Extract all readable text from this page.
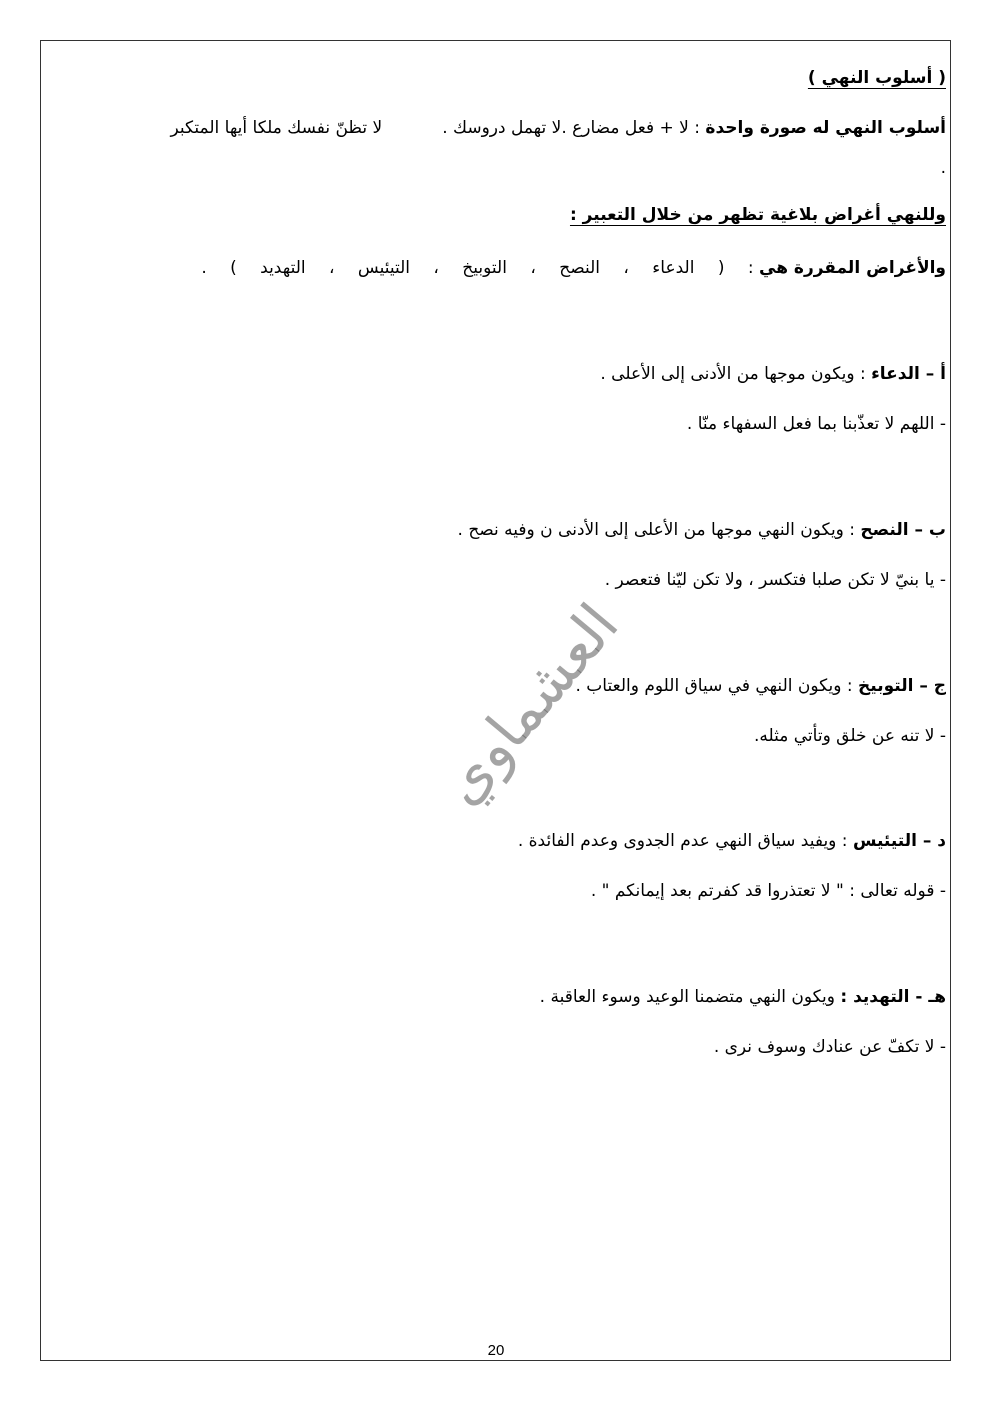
( أسلوب النهي )
أسلوب النهي له صورة واحدة : لا + فعل مضارع .لا تهمل دروسك .لا تظنّ نفسك ملكا أيها المتكبر
.
وللنهي أغراض بلاغية تظهر من خلال التعبير :
والأغراض المقررة هي : ( الدعاء ، النصح ، التوبيخ ، التيئيس ، التهديد ) .
أ – الدعاء : ويكون موجها من الأدنى إلى الأعلى .
- اللهم لا تعذّبنا بما فعل السفهاء منّا .
ب – النصح : ويكون النهي موجها من الأعلى إلى الأدنى ن وفيه نصح .
- يا بنيّ لا تكن صلبا فتكسر ، ولا تكن ليّنا فتعصر .
ج – التوبيخ : ويكون النهي في سياق اللوم والعتاب .
- لا تنه عن خلق وتأتي مثله.
د – التيئيس : ويفيد سياق النهي عدم الجدوى وعدم الفائدة .
- قوله تعالى : " لا تعتذروا قد كفرتم بعد إيمانكم " .
هـ - التهديد : ويكون النهي متضمنا الوعيد وسوء العاقبة .
- لا تكفّ عن عنادك وسوف نرى .
العشماوي
20
